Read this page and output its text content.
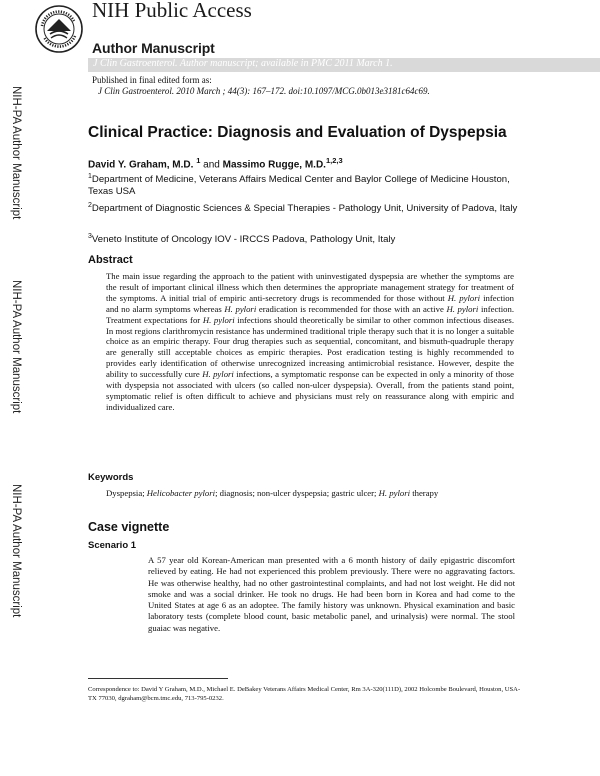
NIH Public Access
Author Manuscript
J Clin Gastroenterol. Author manuscript; available in PMC 2011 March 1.
Published in final edited form as:
J Clin Gastroenterol. 2010 March ; 44(3): 167–172. doi:10.1097/MCG.0b013e3181c64c69.
NIH-PA Author Manuscript
NIH-PA Author Manuscript
NIH-PA Author Manuscript
Clinical Practice: Diagnosis and Evaluation of Dyspepsia
David Y. Graham, M.D. $^1$ and Massimo Rugge, M.D.$^{1,2,3}$
$^1$Department of Medicine, Veterans Affairs Medical Center and Baylor College of Medicine Houston, Texas USA
$^2$Department of Diagnostic Sciences & Special Therapies - Pathology Unit, University of Padova, Italy
$^3$Veneto Institute of Oncology IOV - IRCCS Padova, Pathology Unit, Italy
Abstract
The main issue regarding the approach to the patient with uninvestigated dyspepsia are whether the symptoms are the result of important clinical illness which then determines the appropriate management strategy for treatment of the symptoms. A initial trial of empiric anti-secretory drugs is recommended for those without H. pylori infection and no alarm symptoms whereas H. pylori eradication is recommended for those with an active H. pylori infection. Treatment expectations for H. pylori infections should theoretically be similar to other common infectious diseases. In most regions clarithromycin resistance has undermined traditional triple therapy such that it is no longer a suitable choice as an empiric therapy. Four drug therapies such as sequential, concomitant, and bismuth-quadruple therapy are generally still acceptable choices as empiric therapies. Post eradication testing is highly recommended to provides early identification of otherwise unrecognized increasing antimicrobial resistance. However, despite the ability to successfully cure H. pylori infections, a symptomatic response can be expected in only a minority of those with dyspepsia not associated with ulcers (so called non-ulcer dyspepsia). Overall, from the patients stand point, symptomatic relief is often difficult to achieve and physicians must rely on reassurance along with empiric and individualized care.
Keywords
Dyspepsia; Helicobacter pylori; diagnosis; non-ulcer dyspepsia; gastric ulcer; H. pylori therapy
Case vignette
Scenario 1
A 57 year old Korean-American man presented with a 6 month history of daily epigastric discomfort relieved by eating. He had not experienced this problem previously. There were no aggravating factors. He was otherwise healthy, had no other gastrointestinal complaints, and had not lost weight. He did not smoke and was a social drinker. He took no drugs. He had been born in Korea and had come to the United States at age 6 as an adoptee. The family history was unknown. Physical examination and basic laboratory tests (complete blood count, basic metabolic panel, and urinalysis) were normal. The stool guaiac was negative.
Correspondence to: David Y Graham, M.D., Michael E. DeBakey Veterans Affairs Medical Center, Rm 3A-320(111D), 2002 Holcombe Boulevard, Houston, USA-TX 77030, dgraham@bcm.tmc.edu, 713-795-0232.
